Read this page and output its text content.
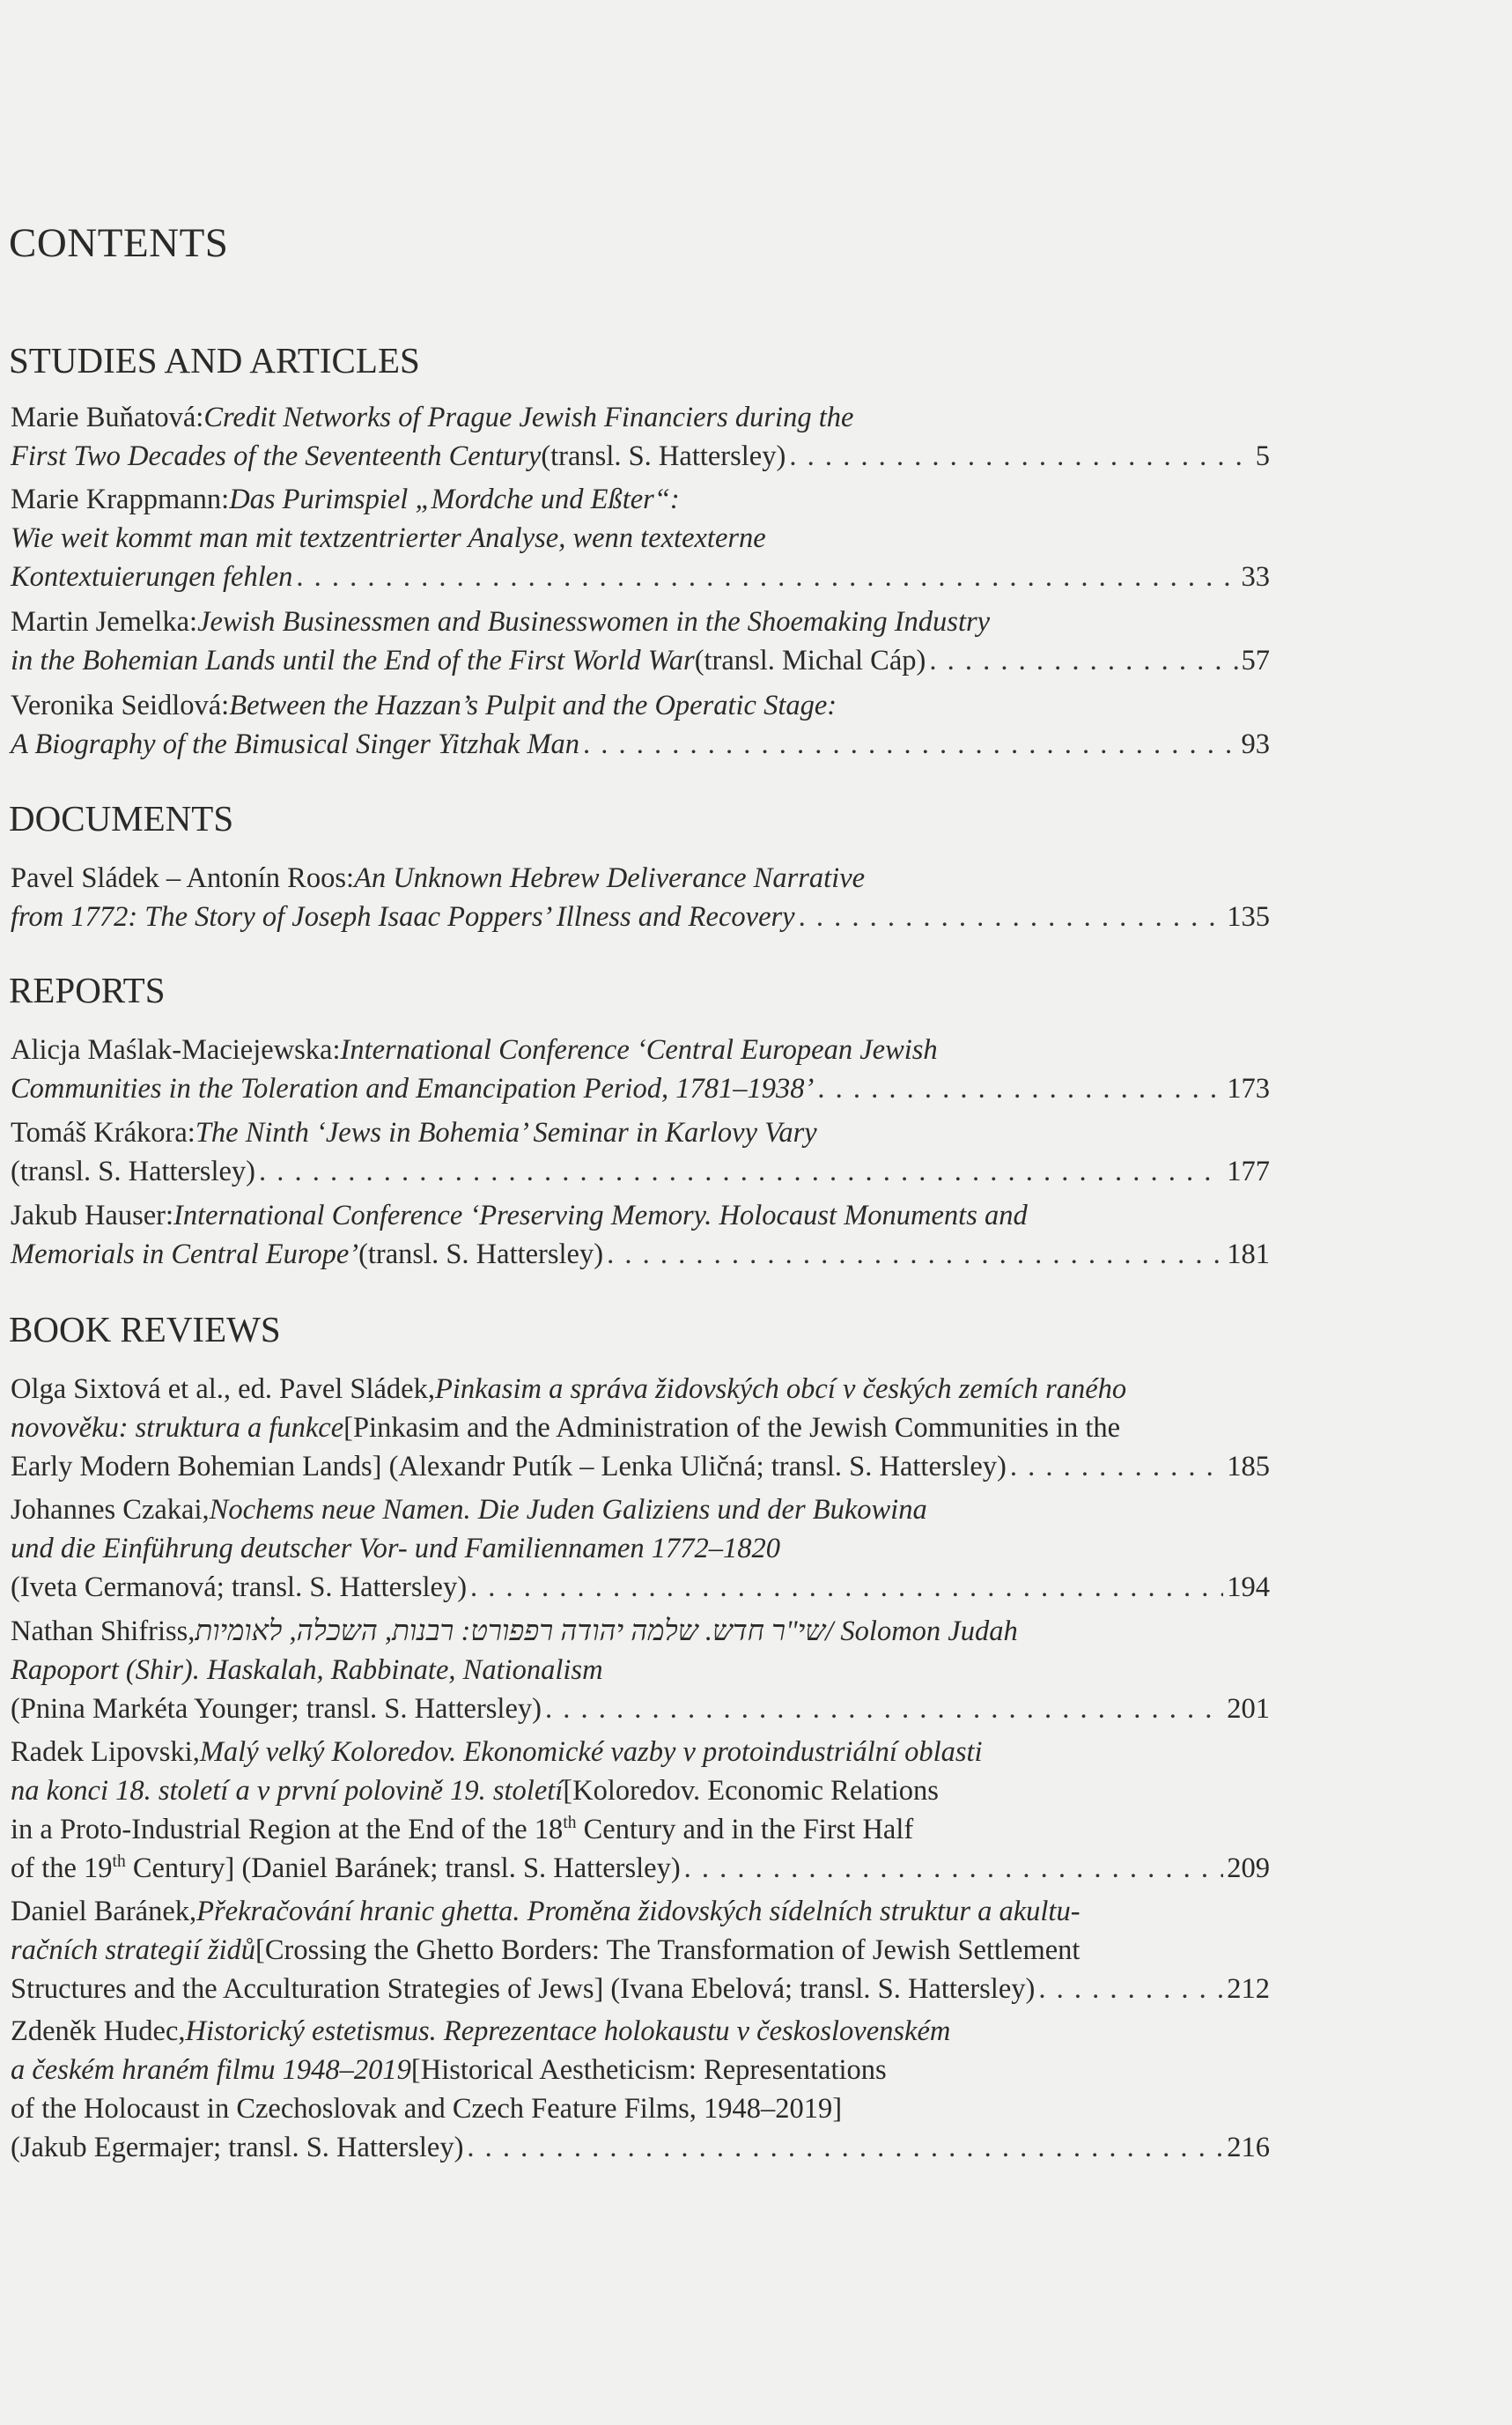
CONTENTS
STUDIES AND ARTICLES
Marie Buňatová: Credit Networks of Prague Jewish Financiers during the
First Two Decades of the Seventeenth Century (transl. S. Hattersley) . . .	5
Marie Krappmann: Das Purimspiel „Mordche und Eßter“:
Wie weit kommt man mit textzentrierter Analyse, wenn textexterne
Kontextuierungen fehlen . . .	33
Martin Jemelka: Jewish Businessmen and Businesswomen in the Shoemaking Industry
in the Bohemian Lands until the End of the First World War (transl. Michal Cáp) . . .	57
Veronika Seidlová: Between the Hazzan’s Pulpit and the Operatic Stage:
A Biography of the Bimusical Singer Yitzhak Man . . .	93
DOCUMENTS
Pavel Sládek – Antonín Roos: An Unknown Hebrew Deliverance Narrative
from 1772: The Story of Joseph Isaac Poppers’ Illness and Recovery . . .	135
REPORTS
Alicja Maślak-Maciejewska: International Conference ‘Central European Jewish
Communities in the Toleration and Emancipation Period, 1781–1938’ . . .	173
Tomáš Krákora: The Ninth ‘Jews in Bohemia’ Seminar in Karlovy Vary
(transl. S. Hattersley) . . .	177
Jakub Hauser: International Conference ‘Preserving Memory. Holocaust Monuments and
Memorials in Central Europe’ (transl. S. Hattersley) . . .	181
BOOK REVIEWS
Olga Sixtová et al., ed. Pavel Sládek, Pinkasim a správa židovských obcí v českých zemích raného
novověku: struktura a funkce [Pinkasim and the Administration of the Jewish Communities in the
Early Modern Bohemian Lands] (Alexandr Putík – Lenka Uličná; transl. S. Hattersley) . . .	185
Johannes Czakai, Nochems neue Namen. Die Juden Galiziens und der Bukowina
und die Einführung deutscher Vor- und Familiennamen 1772–1820
(Iveta Cermanová; transl. S. Hattersley) . . .	194
Nathan Shifriss, שי"ר חדש. שלמה יהודה רפפורט: רבנות, השכלה, לאומיות / Solomon Judah
Rapoport (Shir). Haskalah, Rabbinate, Nationalism
(Pnina Markéta Younger; transl. S. Hattersley) . . .	201
Radek Lipovski, Malý velký Koloredov. Ekonomické vazby v protoindustriální oblasti
na konci 18. století a v první polovině 19. století [Koloredov. Economic Relations
in a Proto-Industrial Region at the End of the 18th Century and in the First Half
of the 19th Century] (Daniel Baránek; transl. S. Hattersley) . . .	209
Daniel Baránek, Překračování hranic ghetta. Proměna židovských sídelních struktur a akultu-
račních strategií židů [Crossing the Ghetto Borders: The Transformation of Jewish Settlement
Structures and the Acculturation Strategies of Jews] (Ivana Ebelová; transl. S. Hattersley) . . .	212
Zdeněk Hudec, Historický estetismus. Reprezentace holokaustu v československém
a českém hraném filmu 1948–2019 [Historical Aestheticism: Representations
of the Holocaust in Czechoslovak and Czech Feature Films, 1948–2019]
(Jakub Egermajer; transl. S. Hattersley) . . .	216
